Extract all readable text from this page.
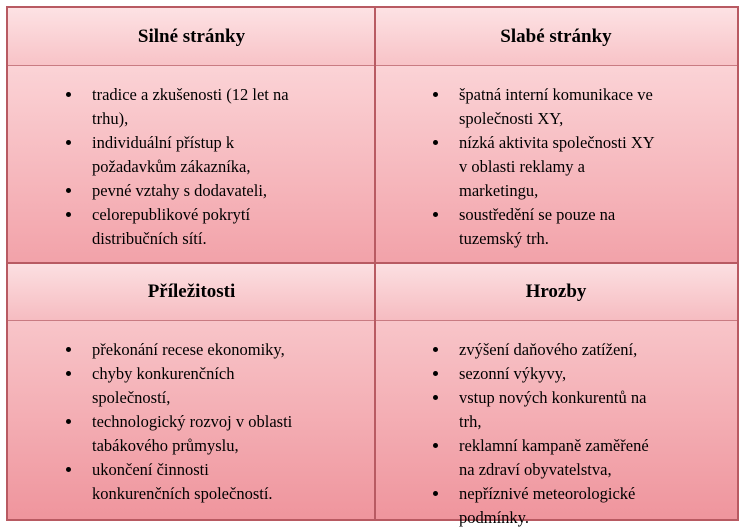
Silné stránky
tradice a zkušenosti (12 let na trhu),
individuální přístup k požadavkům zákazníka,
pevné vztahy s dodavateli,
celorepublikové pokrytí distribučních sítí.
Slabé stránky
špatná interní komunikace ve společnosti XY,
nízká aktivita společnosti XY v oblasti reklamy a marketingu,
soustředění se pouze na tuzemský trh.
Příležitosti
překonání recese ekonomiky,
chyby konkurenčních společností,
technologický rozvoj v oblasti tabákového průmyslu,
ukončení činnosti konkurenčních společností.
Hrozby
zvýšení daňového zatížení,
sezonní výkyvy,
vstup nových konkurentů na trh,
reklamní kampaně zaměřené na zdraví obyvatelstva,
nepříznivé meteorologické podmínky.
